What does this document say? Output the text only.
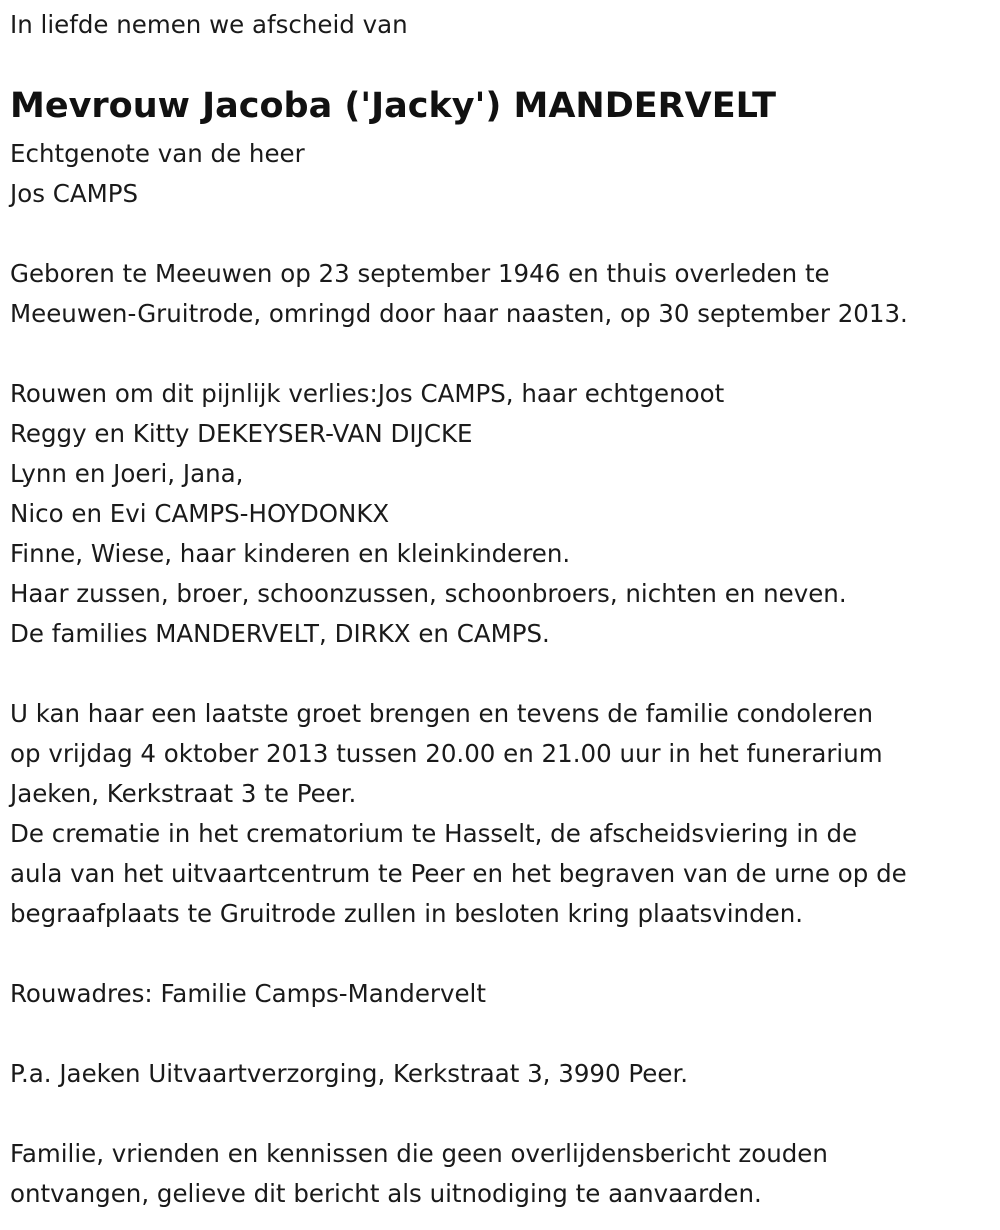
In liefde nemen we afscheid van
Mevrouw Jacoba ('Jacky') MANDERVELT
Echtgenote van de heer
Jos CAMPS
Geboren te Meeuwen op 23 september 1946 en thuis overleden te
Meeuwen-Gruitrode, omringd door haar naasten, op 30 september 2013.
Rouwen om dit pijnlijk verlies:Jos CAMPS, haar echtgenoot
Reggy en Kitty DEKEYSER-VAN DIJCKE
Lynn en Joeri, Jana,
Nico en Evi CAMPS-HOYDONKX
Finne, Wiese, haar kinderen en kleinkinderen.
Haar zussen, broer, schoonzussen, schoonbroers, nichten en neven.
De families MANDERVELT, DIRKX en CAMPS.
U kan haar een laatste groet brengen en tevens de familie condoleren
op vrijdag 4 oktober 2013 tussen 20.00 en 21.00 uur in het funerarium
Jaeken, Kerkstraat 3 te Peer.
De crematie in het crematorium te Hasselt, de afscheidsviering in de
aula van het uitvaartcentrum te Peer en het begraven van de urne op de
begraafplaats te Gruitrode zullen in besloten kring plaatsvinden.
Rouwadres: Familie Camps-Mandervelt
P.a. Jaeken Uitvaartverzorging, Kerkstraat 3, 3990 Peer.
Familie, vrienden en kennissen die geen overlijdensbericht zouden
ontvangen, gelieve dit bericht als uitnodiging te aanvaarden.
